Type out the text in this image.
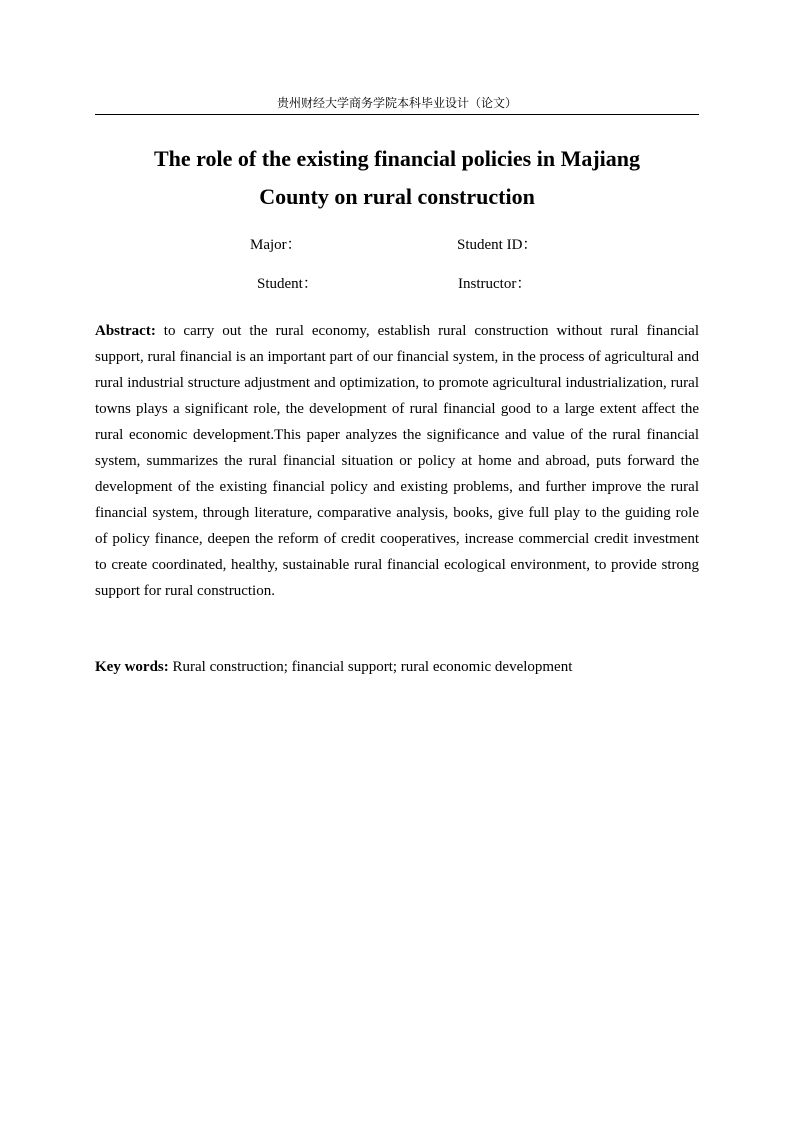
贵州财经大学商务学院本科毕业设计（论文）
The role of the existing financial policies in Majiang
County on rural construction
Major：	Student ID：
Student：	Instructor：

Abstract: to carry out the rural economy, establish rural construction without rural financial support, rural financial is an important part of our financial system, in the process of agricultural and rural industrial structure adjustment and optimization, to promote agricultural industrialization, rural towns plays a significant role, the development of rural financial good to a large extent affect the rural economic development.This paper analyzes the significance and value of the rural financial system, summarizes the rural financial situation or policy at home and abroad, puts forward the development of the existing financial policy and existing problems, and further improve the rural financial system, through literature, comparative analysis, books, give full play to the guiding role of policy finance, deepen the reform of credit cooperatives, increase commercial credit investment to create coordinated, healthy, sustainable rural financial ecological environment, to provide strong support for rural construction.

Key words: Rural construction; financial support; rural economic development
